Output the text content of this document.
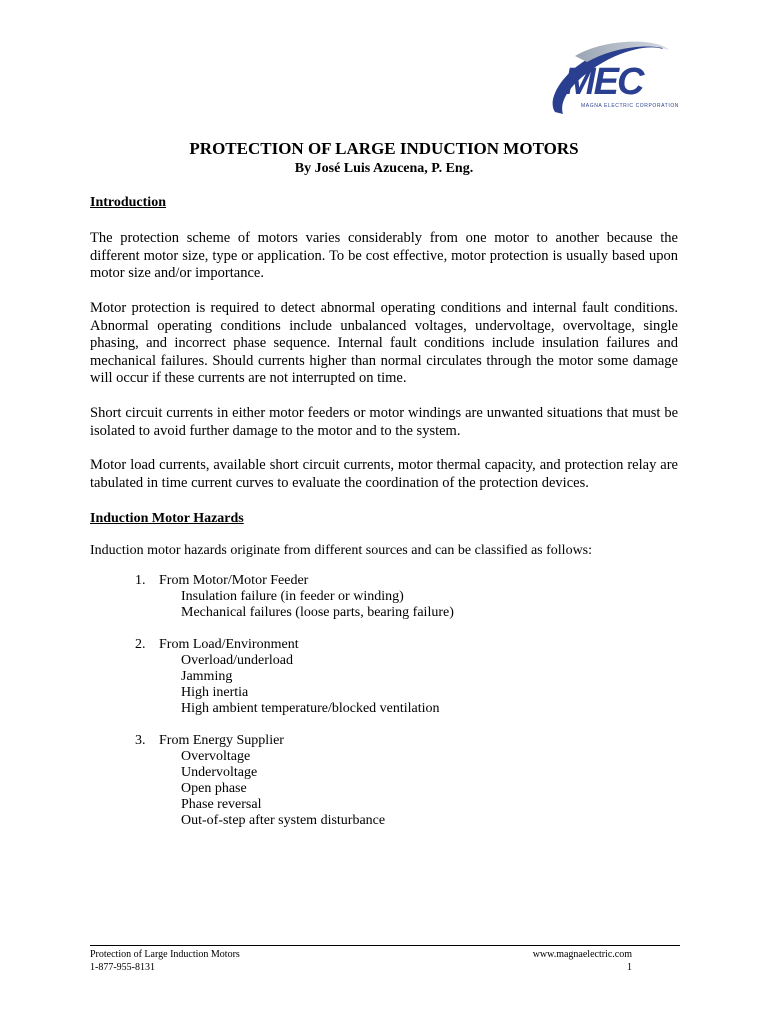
MEC
MAGNA ELECTRIC CORPORATION
PROTECTION OF LARGE INDUCTION MOTORS
By José Luis Azucena, P. Eng.
Introduction
The protection scheme of motors varies considerably from one motor to another because the different motor size, type or application. To be cost effective, motor protection is usually based upon motor size and/or importance.
Motor protection is required to detect abnormal operating conditions and internal fault conditions. Abnormal operating conditions include unbalanced voltages, undervoltage, overvoltage, single phasing, and incorrect phase sequence. Internal fault conditions include insulation failures and mechanical failures. Should currents higher than normal circulates through the motor some damage will occur if these currents are not interrupted on time.
Short circuit currents in either motor feeders or motor windings are unwanted situations that must be isolated to avoid further damage to the motor and to the system.
Motor load currents, available short circuit currents, motor thermal capacity, and protection relay are tabulated in time current curves to evaluate the coordination of the protection devices.
Induction Motor Hazards
Induction motor hazards originate from different sources and can be classified as follows:
1. From Motor/Motor Feeder
Insulation failure (in feeder or winding)
Mechanical failures (loose parts, bearing failure)
2. From Load/Environment
Overload/underload
Jamming
High inertia
High ambient temperature/blocked ventilation
3. From Energy Supplier
Overvoltage
Undervoltage
Open phase
Phase reversal
Out-of-step after system disturbance
Protection of Large Induction Motors
1-877-955-8131
www.magnaelectric.com
1
